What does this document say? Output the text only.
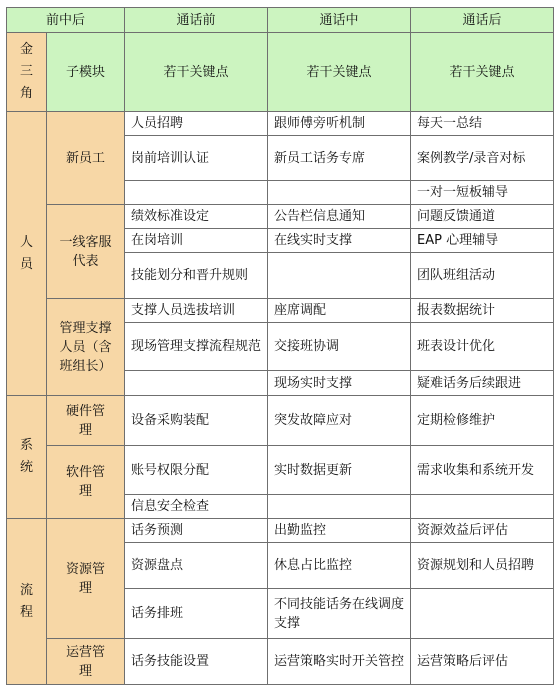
前中后		通话前	通话中	通话后
金三角	子模块	若干关键点	若干关键点	若干关键点
人员	新员工	人员招聘	跟师傅旁听机制	每天一总结
		岗前培训认证	新员工话务专席	案例教学/录音对标
				一对一短板辅导
	一线客服代表	绩效标准设定	公告栏信息通知	问题反馈通道
		在岗培训	在线实时支撑	EAP 心理辅导
		技能划分和晋升规则		团队班组活动
	管理支撑人员（含班组长）	支撑人员选拔培训	座席调配	报表数据统计
		现场管理支撑流程规范	交接班协调	班表设计优化
			现场实时支撑	疑难话务后续跟进
系统	硬件管理	设备采购装配	突发故障应对	定期检修维护
	软件管理	账号权限分配	实时数据更新	需求收集和系统开发
		信息安全检查		
流程	资源管理	话务预测	出勤监控	资源效益后评估
		资源盘点	休息占比监控	资源规划和人员招聘
		话务排班	不同技能话务在线调度支撑	
	运营管理	话务技能设置	运营策略实时开关管控	运营策略后评估
